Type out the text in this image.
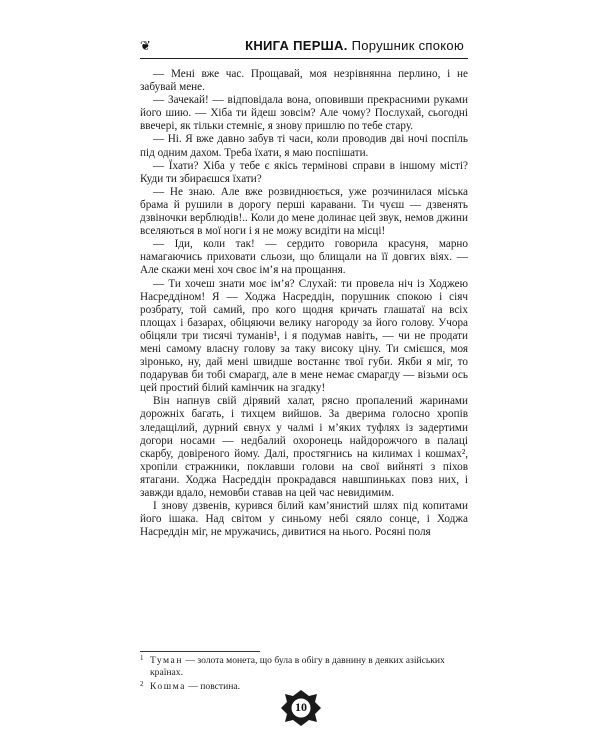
❦	КНИГА ПЕРША. Порушник спокою

— Мені вже час. Прощавай, моя незрівнянна перлино, і не забувай мене.

— Зачекай! — відповідала вона, оповивши прекрасними руками його шию. — Хіба ти йдеш зовсім? Але чому? Послухай, сьогодні ввечері, як тільки стемніє, я знову пришлю по тебе стару.

— Ні. Я вже давно забув ті часи, коли проводив дві ночі поспіль під одним дахом. Треба їхати, я маю поспішати.

— Їхати? Хіба у тебе є якісь термінові справи в іншому місті? Куди ти збираєшся їхати?

— Не знаю. Але вже розвиднюється, уже розчинилася міська брама й рушили в дорогу перші каравани. Ти чуєш — дзвенять дзвіночки верблюдів!.. Коли до мене долинає цей звук, немов джини вселяються в мої ноги і я не можу всидіти на місці!

— Іди, коли так! — сердито говорила красуня, марно намагаючись приховати сльози, що блищали на її довгих віях. — Але скажи мені хоч своє ім’я на прощання.

— Ти хочеш знати моє ім’я? Слухай: ти провела ніч із Ходжею Насреддіном! Я — Ходжа Насреддін, порушник спокою і сіяч розбрату, той самий, про кого щодня кричать глашатаї на всіх площах і базарах, обіцяючи велику нагороду за його голову. Учора обіцяли три тисячі туманів¹, і я подумав навіть, — чи не продати мені самому власну голову за таку високу ціну. Ти смієшся, моя зіронько, ну, дай мені швидше востаннє твої губи. Якби я міг, то подарував би тобі смарагд, але в мене немає смарагду — візьми ось цей простий білий камінчик на згадку!

Він напнув свій дірявий халат, рясно пропалений жаринами дорожніх багать, і тихцем вийшов. За дверима голосно хропів зледащілий, дурний євнух у чалмі і м’яких туфлях із задертими догори носами — недбалий охоронець найдорожчого в палаці скарбу, довіреного йому. Далі, простягнись на килимах і кошмах², хропіли стражники, поклавши голови на свої вийняті з піхов ятагани. Ходжа Насреддін прокрадався навшпиньках повз них, і завжди вдало, немовби ставав на цей час невидимим.

І знову дзвенів, курився білий кам’янистий шлях під копитами його ішака. Над світом у синьому небі сяяло сонце, і Ходжа Насреддін міг, не мружачись, дивитися на нього. Росяні поля

1 Туман — золота монета, що була в обігу в давнину в деяких азійських країнах.

2 Кошма — повстина.

10
